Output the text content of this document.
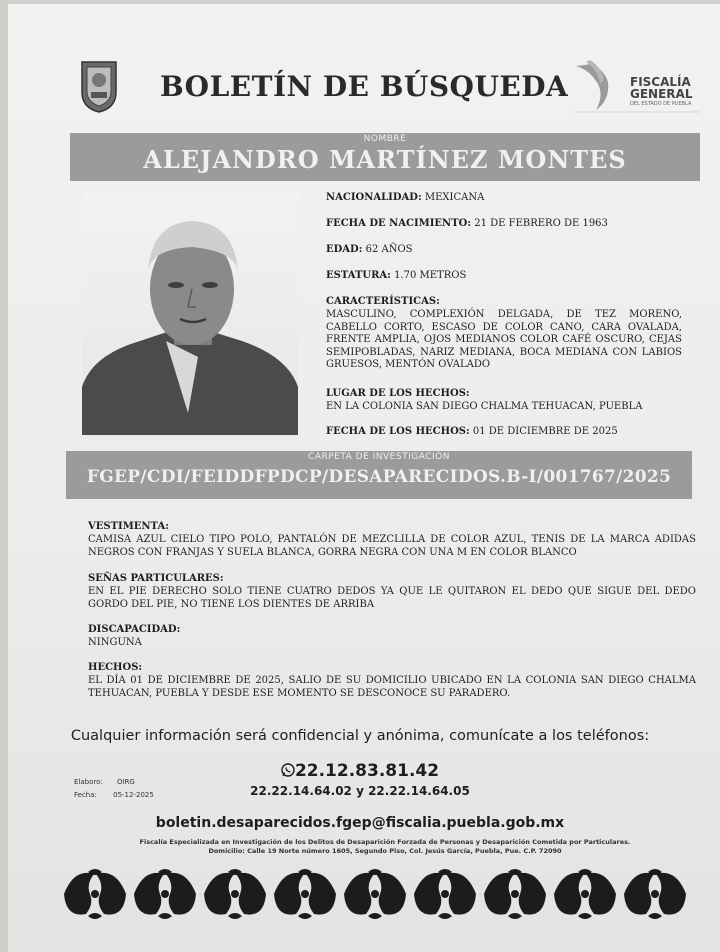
BOLETÍN DE BÚSQUEDA	FISCALÍA
GENERAL
DEL ESTADO DE PUEBLA
NOMBRE
ALEJANDRO MARTÍNEZ MONTES
NACIONALIDAD: MEXICANA
FECHA DE NACIMIENTO: 21 DE FEBRERO DE 1963
EDAD: 62 AÑOS
ESTATURA: 1.70 METROS
CARACTERÍSTICAS:
MASCULINO, COMPLEXIÓN DELGADA, DE TEZ MORENO, CABELLO CORTO, ESCASO DE COLOR CANO, CARA OVALADA, FRENTE AMPLIA, OJOS MEDIANOS COLOR CAFÉ OSCURO, CEJAS SEMIPOBLADAS, NARIZ MEDIANA, BOCA MEDIANA CON LABIOS GRUESOS, MENTÓN OVALADO
LUGAR DE LOS HECHOS:
EN LA COLONIA SAN DIEGO CHALMA TEHUACAN, PUEBLA
FECHA DE LOS HECHOS: 01 DE DICIEMBRE DE 2025
CARPETA DE INVESTIGACIÓN
FGEP/CDI/FEIDDFPDCP/DESAPARECIDOS.B-I/001767/2025
VESTIMENTA:
CAMISA AZUL CIELO TIPO POLO, PANTALÓN DE MEZCLILLA DE COLOR AZUL, TENIS DE LA MARCA ADIDAS NEGROS CON FRANJAS Y SUELA BLANCA, GORRA NEGRA CON UNA M EN COLOR BLANCO
SEÑAS PARTICULARES:
EN EL PIE DERECHO SOLO TIENE CUATRO DEDOS YA QUE LE QUITARON EL DEDO QUE SIGUE DEL DEDO GORDO DEL PIE, NO TIENE LOS DIENTES DE ARRIBA
DISCAPACIDAD:
NINGUNA
HECHOS:
EL DÍA 01 DE DICIEMBRE DE 2025, SALIO DE SU DOMICILIO UBICADO EN LA COLONIA SAN DIEGO CHALMA TEHUACAN, PUEBLA Y DESDE ESE MOMENTO SE DESCONOCE SU PARADERO.
Cualquier información será confidencial y anónima, comunícate a los teléfonos:
Elaboro: OIRG
Fecha: 05-12-2025
22.12.83.81.42
22.22.14.64.02 y 22.22.14.64.05
boletin.desaparecidos.fgep@fiscalia.puebla.gob.mx
Fiscalía Especializada en Investigación de los Delitos de Desaparición Forzada de Personas y Desaparición Cometida por Particulares.
Domicilio: Calle 19 Norte número 1605, Segundo Piso, Col. Jesús García, Puebla, Pue. C.P. 72090
